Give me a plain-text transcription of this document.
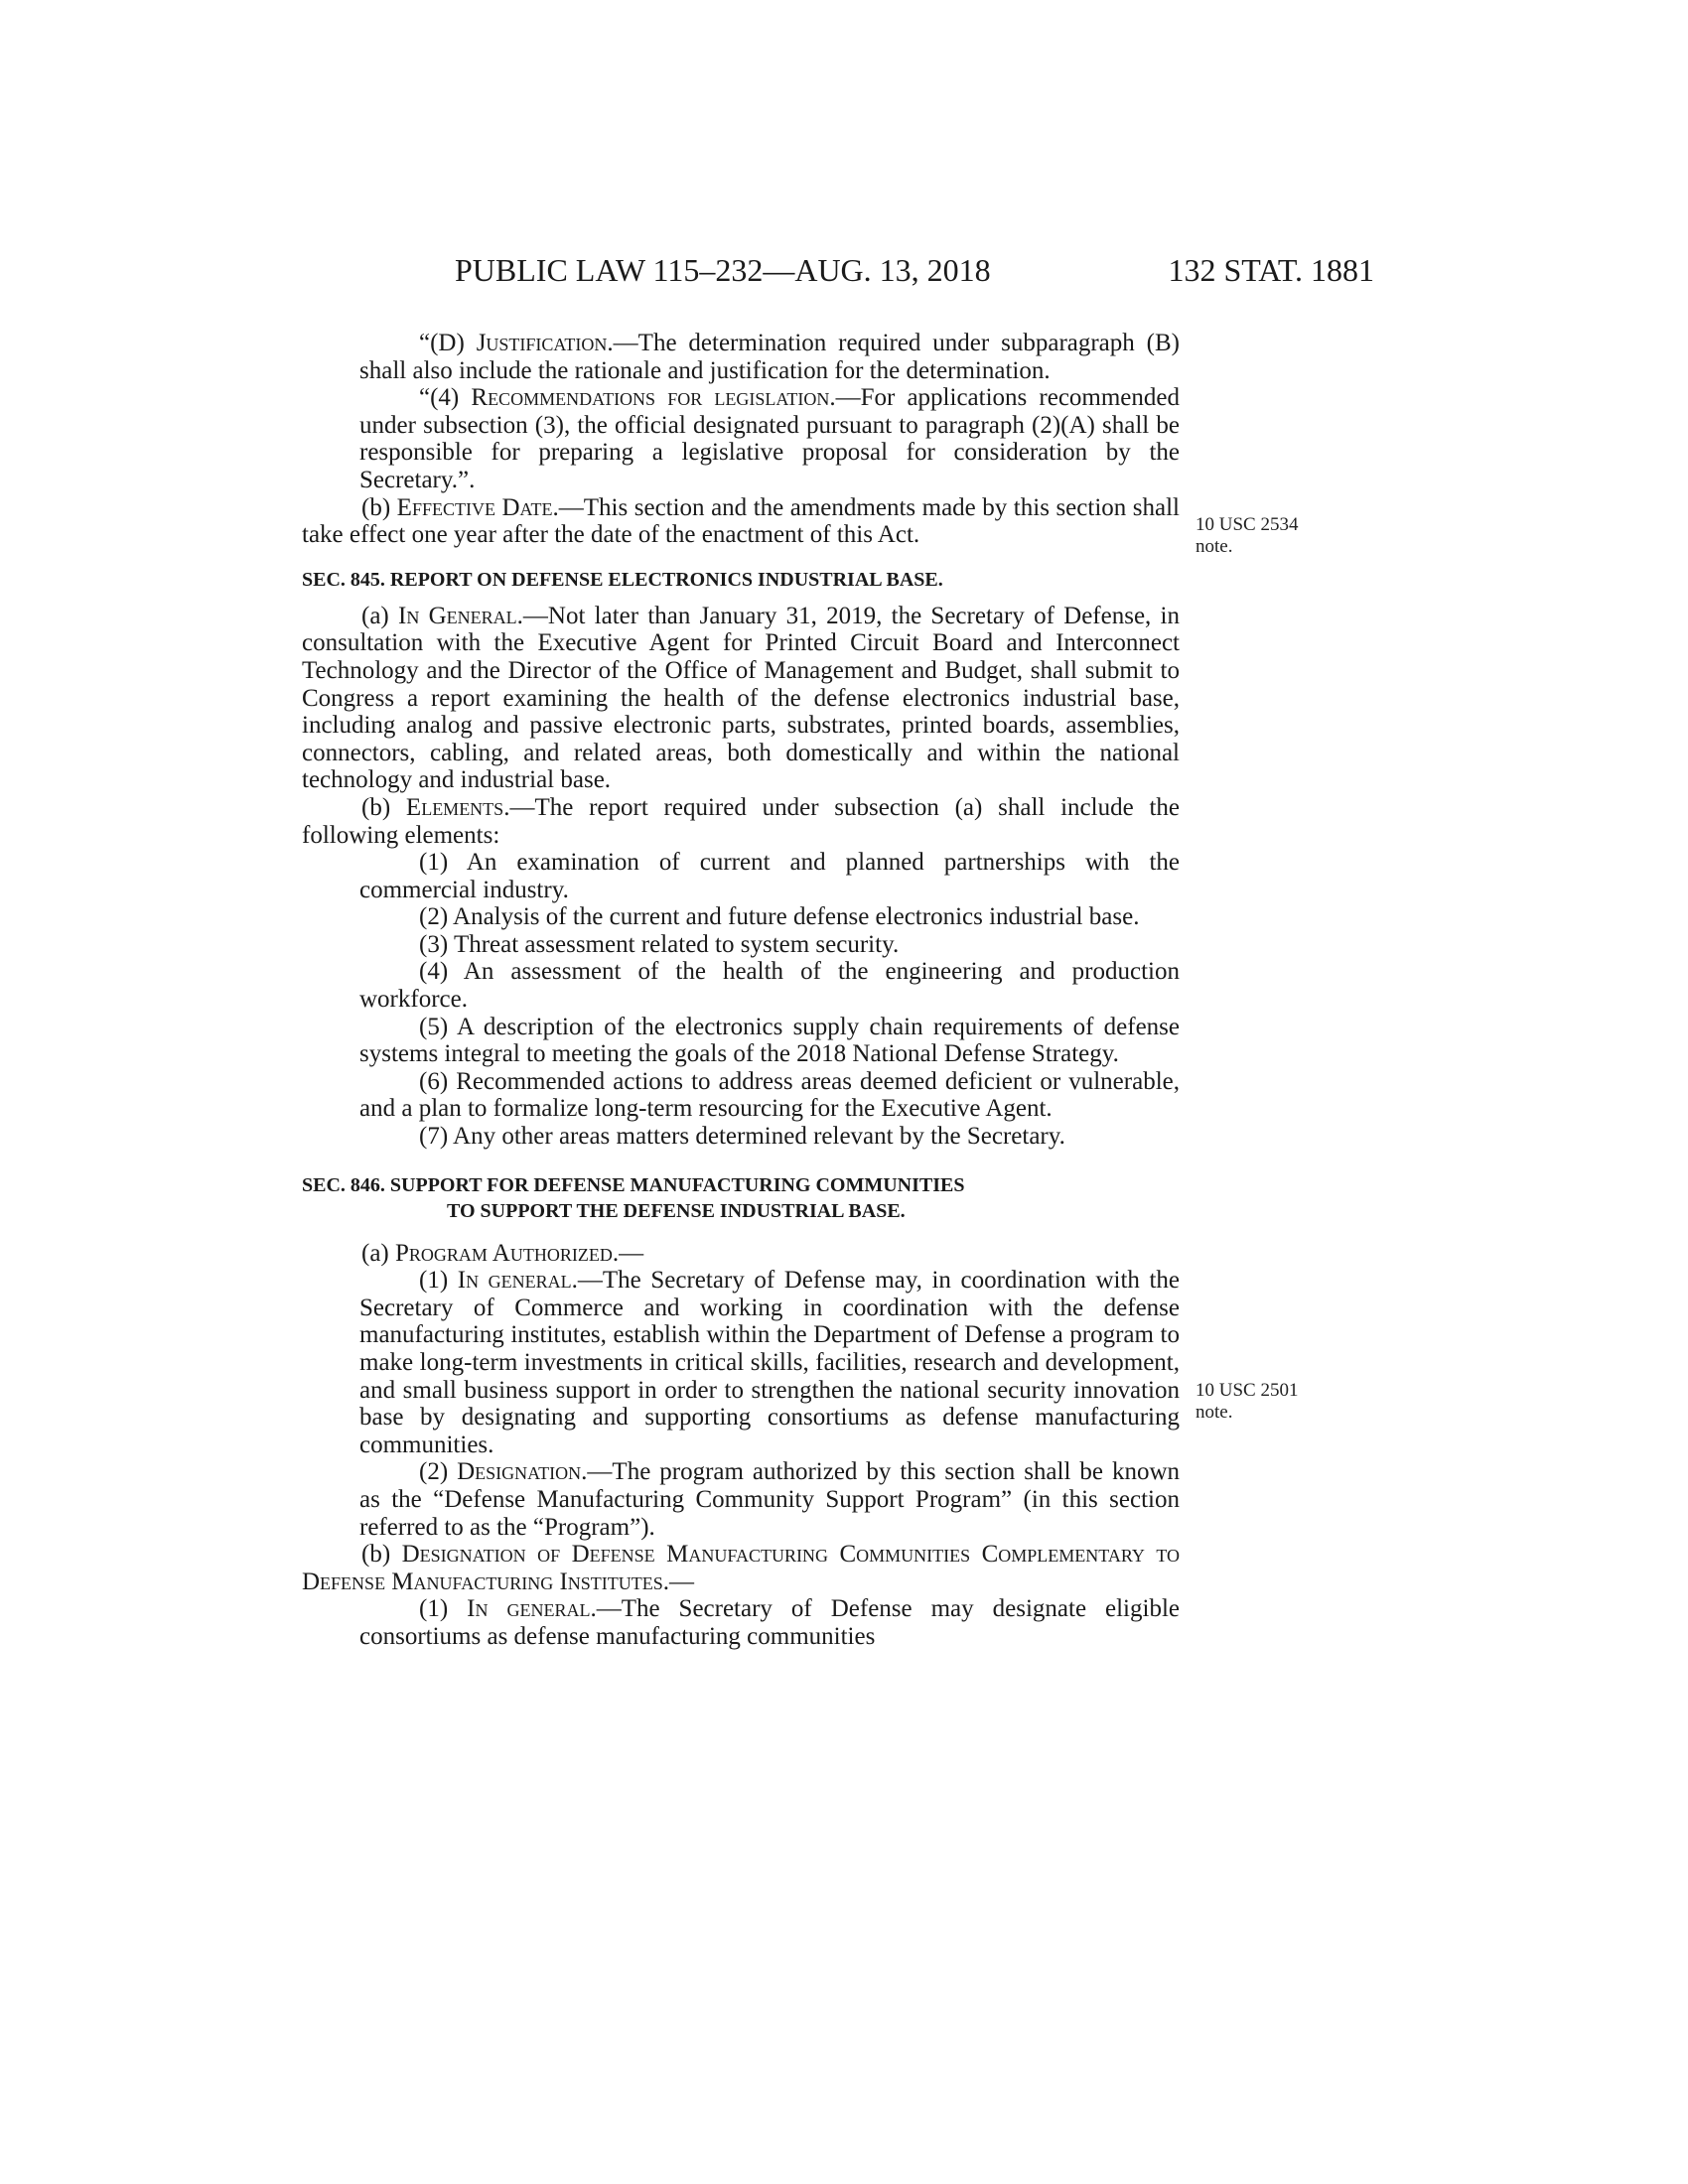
PUBLIC LAW 115–232—AUG. 13, 2018	132 STAT. 1881
10 USC 2534
note.
10 USC 2501
note.

“(D) Justification.—The determination required under subparagraph (B) shall also include the rationale and justification for the determination.

“(4) Recommendations for legislation.—For applications recommended under subsection (3), the official designated pursuant to paragraph (2)(A) shall be responsible for preparing a legislative proposal for consideration by the Secretary.”.

(b) Effective Date.—This section and the amendments made by this section shall take effect one year after the date of the enactment of this Act.

SEC. 845. REPORT ON DEFENSE ELECTRONICS INDUSTRIAL BASE.

(a) In General.—Not later than January 31, 2019, the Secretary of Defense, in consultation with the Executive Agent for Printed Circuit Board and Interconnect Technology and the Director of the Office of Management and Budget, shall submit to Congress a report examining the health of the defense electronics industrial base, including analog and passive electronic parts, substrates, printed boards, assemblies, connectors, cabling, and related areas, both domestically and within the national technology and industrial base.

(b) Elements.—The report required under subsection (a) shall include the following elements:

(1) An examination of current and planned partnerships with the commercial industry.

(2) Analysis of the current and future defense electronics industrial base.

(3) Threat assessment related to system security.

(4) An assessment of the health of the engineering and production workforce.

(5) A description of the electronics supply chain requirements of defense systems integral to meeting the goals of the 2018 National Defense Strategy.

(6) Recommended actions to address areas deemed deficient or vulnerable, and a plan to formalize long-term resourcing for the Executive Agent.

(7) Any other areas matters determined relevant by the Secretary.

SEC. 846. SUPPORT FOR DEFENSE MANUFACTURING COMMUNITIES
TO SUPPORT THE DEFENSE INDUSTRIAL BASE.

(a) Program Authorized.—

(1) In general.—The Secretary of Defense may, in coordination with the Secretary of Commerce and working in coordination with the defense manufacturing institutes, establish within the Department of Defense a program to make long-term investments in critical skills, facilities, research and development, and small business support in order to strengthen the national security innovation base by designating and supporting consortiums as defense manufacturing communities.

(2) Designation.—The program authorized by this section shall be known as the “Defense Manufacturing Community Support Program” (in this section referred to as the “Program”).

(b) Designation of Defense Manufacturing Communities Complementary to Defense Manufacturing Institutes.—

(1) In general.—The Secretary of Defense may designate eligible consortiums as defense manufacturing communities
